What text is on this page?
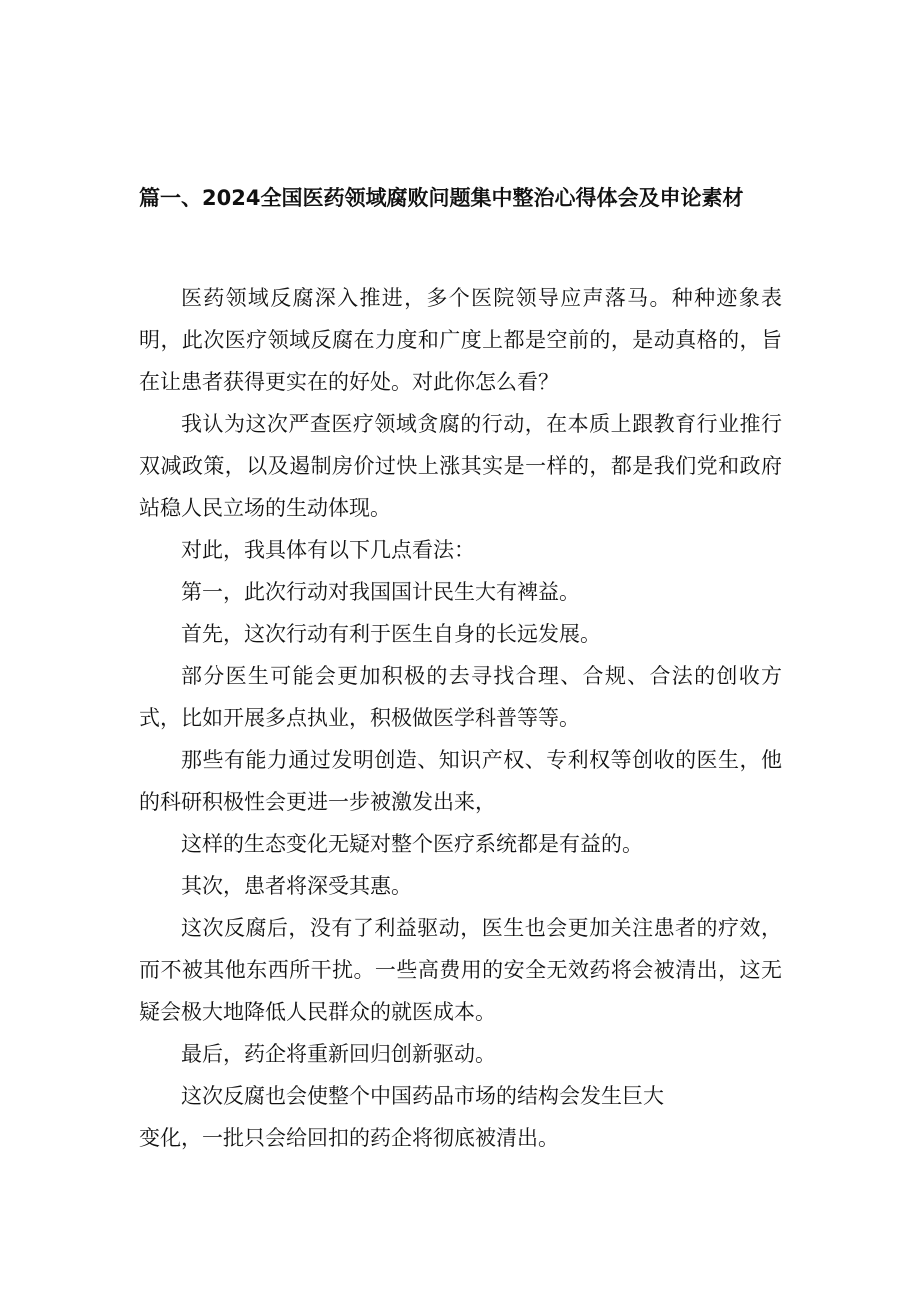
篇一、2024全国医药领域腐败问题集中整治心得体会及申论素材

医药领域反腐深入推进，多个医院领导应声落马。种种迹象表明，此次医疗领域反腐在力度和广度上都是空前的，是动真格的，旨在让患者获得更实在的好处。对此你怎么看？

我认为这次严查医疗领域贪腐的行动，在本质上跟教育行业推行双减政策，以及遏制房价过快上涨其实是一样的，都是我们党和政府站稳人民立场的生动体现。

对此，我具体有以下几点看法：

第一，此次行动对我国国计民生大有裨益。

首先，这次行动有利于医生自身的长远发展。

部分医生可能会更加积极的去寻找合理、合规、合法的创收方式，比如开展多点执业，积极做医学科普等等。

那些有能力通过发明创造、知识产权、专利权等创收的医生，他的科研积极性会更进一步被激发出来，

这样的生态变化无疑对整个医疗系统都是有益的。

其次，患者将深受其惠。

这次反腐后，没有了利益驱动，医生也会更加关注患者的疗效，而不被其他东西所干扰。一些高费用的安全无效药将会被清出，这无疑会极大地降低人民群众的就医成本。

最后，药企将重新回归创新驱动。

这次反腐也会使整个中国药品市场的结构会发生巨大

变化，一批只会给回扣的药企将彻底被清出。
